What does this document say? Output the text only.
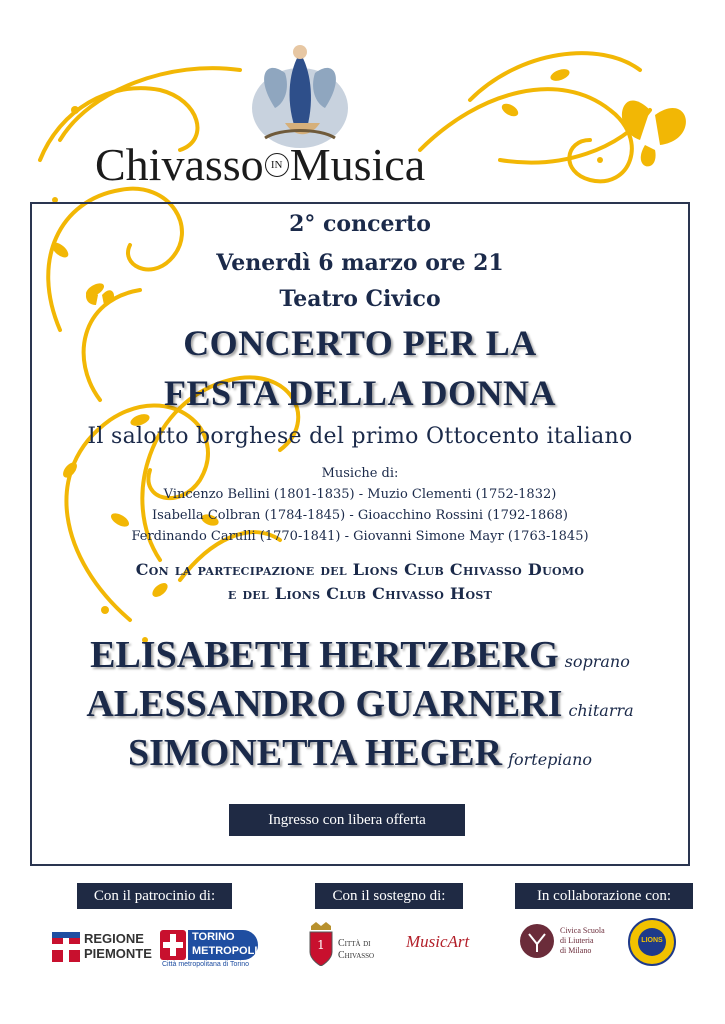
Chivasso IN Musica
2° concerto
Venerdì 6 marzo ore 21
Teatro Civico
CONCERTO PER LA
FESTA DELLA DONNA
Il salotto borghese del primo Ottocento italiano
Musiche di:
Vincenzo Bellini (1801-1835) - Muzio Clementi (1752-1832)
Isabella Colbran (1784-1845) - Gioacchino Rossini (1792-1868)
Ferdinando Carulli (1770-1841) - Giovanni Simone Mayr (1763-1845)
Con la partecipazione del Lions Club Chivasso Duomo
e del Lions Club Chivasso Host
ELISABETH HERTZBERG soprano
ALESSANDRO GUARNERI chitarra
SIMONETTA HEGER fortepiano
Ingresso con libera offerta
Con il patrocinio di:	Con il sostegno di:	In collaborazione con:
REGIONE
PIEMONTE
TORINO
METROPOLI
Città metropolitana di Torino
1 Città di
Chivasso
MusicArt
Civica Scuola
di Liuteria
di Milano
LIONS
